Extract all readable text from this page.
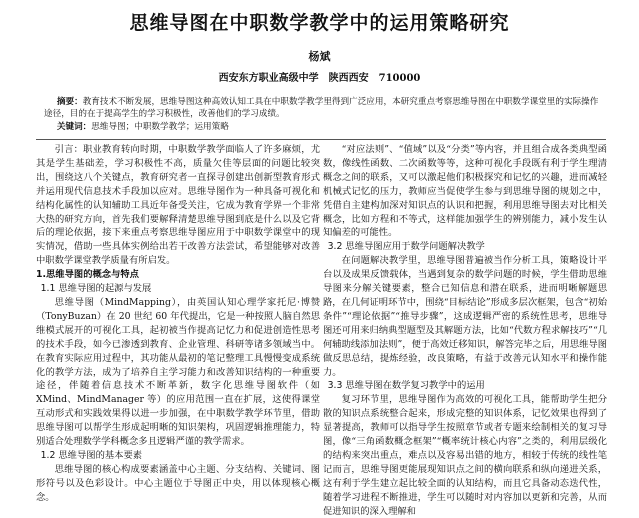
思维导图在中职数学教学中的运用策略研究
杨斌
西安东方职业高级中学　陕西西安　710000
摘要：教育技术不断发展，思维导图这种高效认知工具在中职数学教学里得到广泛应用，本研究重点考察思维导图在中职数学课堂里的实际操作途径，目的在于提高学生的学习积极性，改善他们的学习成绩。
关键词：思维导图；中职数学教学；运用策略

引言：职业教育转向时期，中职数学教学面临人了许多麻烦，尤其是学生基础差，学习积极性不高，质量欠佳等层面的问题比较突出，围绕这八个关键点，教育研究者一直探寻创建出创新型教育形式并运用现代信息技术手段加以应对。思维导图作为一种具备可视化和结构化属性的认知辅助工具近年备受关注，它成为教育学界一个非常大热的研究方向，首先我们要解释清楚思维导图到底是什么以及它背后的理论依据，接下来重点考察思维导图应用于中职数学课堂中的现实情况，借助一些具体实例给出若干改善方法尝试，希望能够对改善中职数学课堂教学质量有所启发。

1.思维导图的概念与特点

1.1 思维导图的起源与发展

思维导图（MindMapping），由英国认知心理学家托尼·博赞（TonyBuzan）在 20 世纪 60 年代提出，它是一种按照人脑自然思维模式展开的可视化工具，起初被当作提高记忆力和促进创造性思考的技术手段，如今已渗透到教育、企业管理、科研等诸多领域当中。在教育实际应用过程中，其功能从最初的笔记整理工具慢慢变成系统化的教学方法，成为了培养自主学习能力和改善知识结构的一种重要途径，伴随着信息技术不断革新，数字化思维导图软件（如 XMind、MindManager 等）的应用范围一直在扩展，这使得课堂互动形式和实践效果得以进一步加强，在中职数学教学环节里，借助思维导图可以帮学生形成起明晰的知识架构，巩固逻辑推理能力，特别适合处理数学学科概念多且逻辑严谨的教学需求。

1.2 思维导图的基本要素

思维导图的核心构成要素涵盖中心主题、分支结构、关键词、图形符号以及色彩设计。中心主题位于导图正中央，用以体现核心概念。

“对应法则”、“值域”以及“分类”等内容，并且组合成各类典型函数，像线性函数、二次函数等等，这种可视化手段既有利于学生理清概念之间的联系，又可以激起他们积极探究和记忆的兴趣，进而减轻机械式记忆的压力，教师应当促使学生参与到思维导图的规划之中，凭借自主建构加深对知识点的认识和把握，利用思维导图去对比相关概念，比如方程和不等式，这样能加强学生的辨别能力，减小发生认知偏差的可能性。

3.2 思维导图应用于数学问题解决教学

在问题解决教学里，思维导图普遍被当作分析工具，策略设计平台以及成果反馈载体，当遇到复杂的数学问题的时候，学生借助思维导图来分解关键要素，整合已知信息和潜在联系，进而明晰解题思路，在几何证明环节中，围绕“目标结论”形成多层次框架，包含“初始条件”“理论依据”“推导步骤”，这成逻辑严密的系统性思考，思维导图还可用来归纳典型题型及其解题方法，比如“代数方程求解技巧”“几何辅助线添加法则”，便于高效迁移知识，解答完毕之后，用思维导图做反思总结，提炼经验，改良策略，有益于改善元认知水平和操作能力。

3.3 思维导图在数学复习教学中的运用

复习环节里，思维导图作为高效的可视化工具，能帮助学生把分散的知识点系统整合起来，形成完整的知识体系，记忆效果也得到了显著提高，教师可以指导学生按照章节或者专题来绘制相关的复习导图，像“三角函数概念框架”“概率统计核心内容”之类的，利用层级化的结构来突出重点，难点以及容易出错的地方，相较于传统的线性笔记而言，思维导图更能展现知识点之间的横向联系和纵向递进关系，这有利于学生建立起比较全面的认知结构，而且它具备动态迭代性，随着学习进程不断推进，学生可以随时对内容加以更新和完善，从而促进知识的深入理解和
